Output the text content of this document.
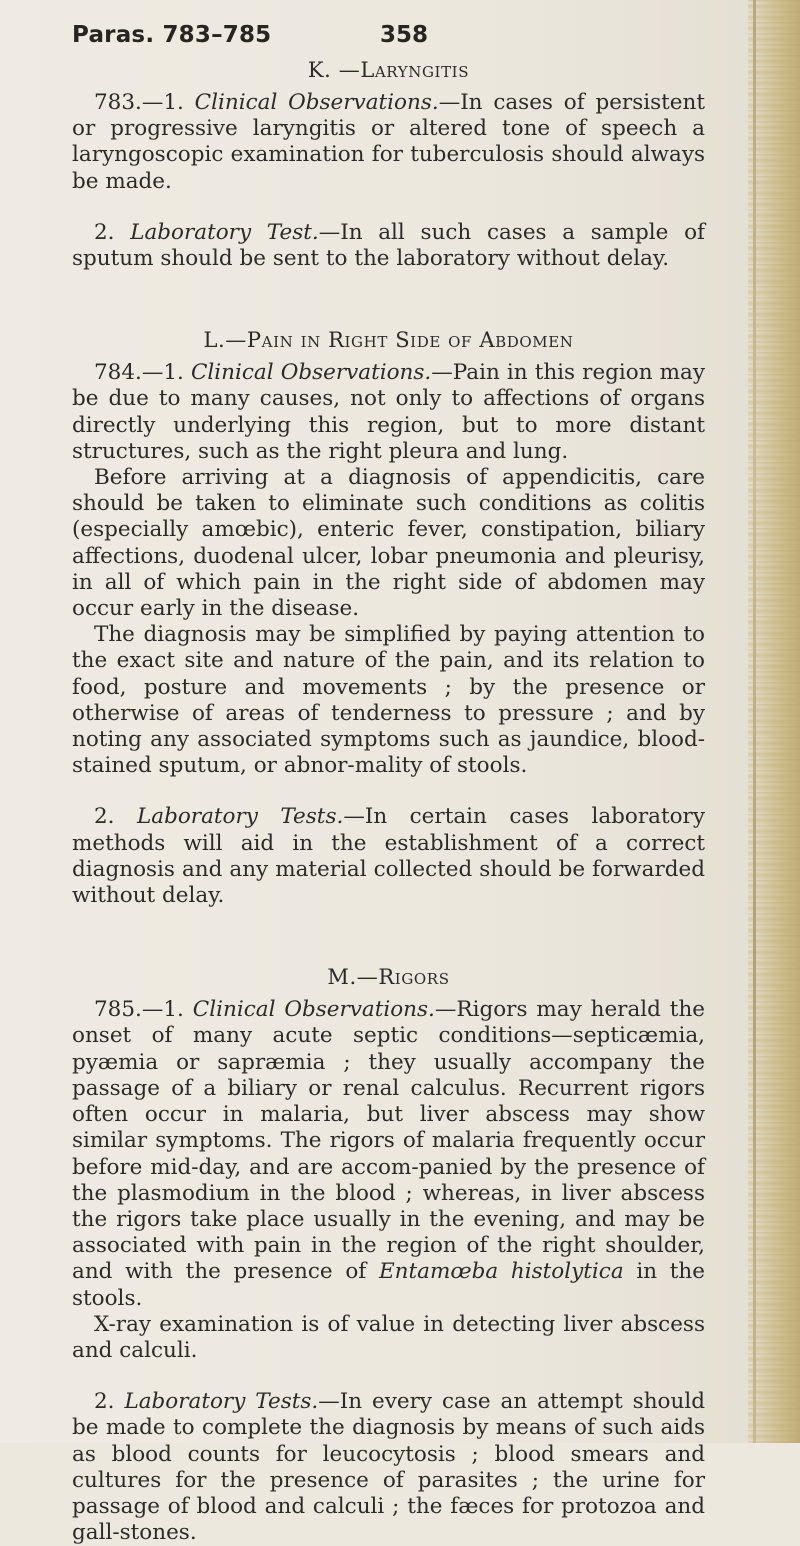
Paras. 783–785	358
K. —Laryngitis

783.—1. Clinical Observations.—In cases of persistent or progressive laryngitis or altered tone of speech a laryngoscopic examination for tuberculosis should always be made.

2. Laboratory Test.—In all such cases a sample of sputum should be sent to the laboratory without delay.

L.—Pain in Right Side of Abdomen

784.—1. Clinical Observations.—Pain in this region may be due to many causes, not only to affections of organs directly underlying this region, but to more distant structures, such as the right pleura and lung.

Before arriving at a diagnosis of appendicitis, care should be taken to eliminate such conditions as colitis (especially amœbic), enteric fever, constipation, biliary affections, duodenal ulcer, lobar pneumonia and pleurisy, in all of which pain in the right side of abdomen may occur early in the disease.

The diagnosis may be simplified by paying attention to the exact site and nature of the pain, and its relation to food, posture and movements ; by the presence or otherwise of areas of tenderness to pressure ; and by noting any associated symptoms such as jaundice, blood-stained sputum, or abnor-mality of stools.

2. Laboratory Tests.—In certain cases laboratory methods will aid in the establishment of a correct diagnosis and any material collected should be forwarded without delay.

M.—Rigors

785.—1. Clinical Observations.—Rigors may herald the onset of many acute septic conditions—septicæmia, pyæmia or sapræmia ; they usually accompany the passage of a biliary or renal calculus. Recurrent rigors often occur in malaria, but liver abscess may show similar symptoms. The rigors of malaria frequently occur before mid-day, and are accom-panied by the presence of the plasmodium in the blood ; whereas, in liver abscess the rigors take place usually in the evening, and may be associated with pain in the region of the right shoulder, and with the presence of Entamœba histolytica in the stools.

X-ray examination is of value in detecting liver abscess and calculi.

2. Laboratory Tests.—In every case an attempt should be made to complete the diagnosis by means of such aids as blood counts for leucocytosis ; blood smears and cultures for the presence of parasites ; the urine for passage of blood and calculi ; the fæces for protozoa and gall-stones.
